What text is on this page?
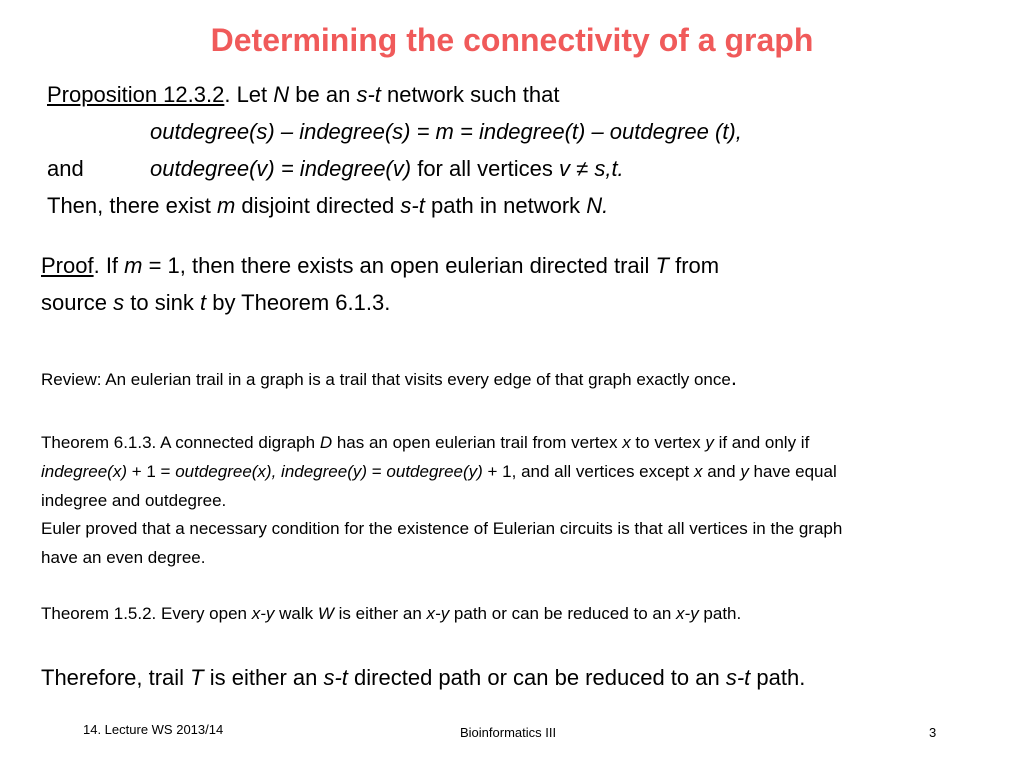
Determining the connectivity of a graph
Proposition 12.3.2. Let N be an s-t network such that
outdegree(s) – indegree(s) = m = indegree(t) – outdegree (t),
and	outdegree(v) = indegree(v) for all vertices v ≠ s,t.
Then, there exist m disjoint directed s-t path in network N.
Proof. If m = 1, then there exists an open eulerian directed trail T from
source s to sink t by Theorem 6.1.3.
Review: An eulerian trail in a graph is a trail that visits every edge of that graph exactly once.
Theorem 6.1.3. A connected digraph D has an open eulerian trail from vertex x to vertex y if and only if
indegree(x) + 1 = outdegree(x), indegree(y) = outdegree(y) + 1, and all vertices except x and y have equal
indegree and outdegree.
Euler proved that a necessary condition for the existence of Eulerian circuits is that all vertices in the graph
have an even degree.
Theorem 1.5.2. Every open x-y walk W is either an x-y path or can be reduced to an x-y path.
Therefore, trail T is either an s-t directed path or can be reduced to an s-t path.
14. Lecture WS 2013/14	Bioinformatics III	3
